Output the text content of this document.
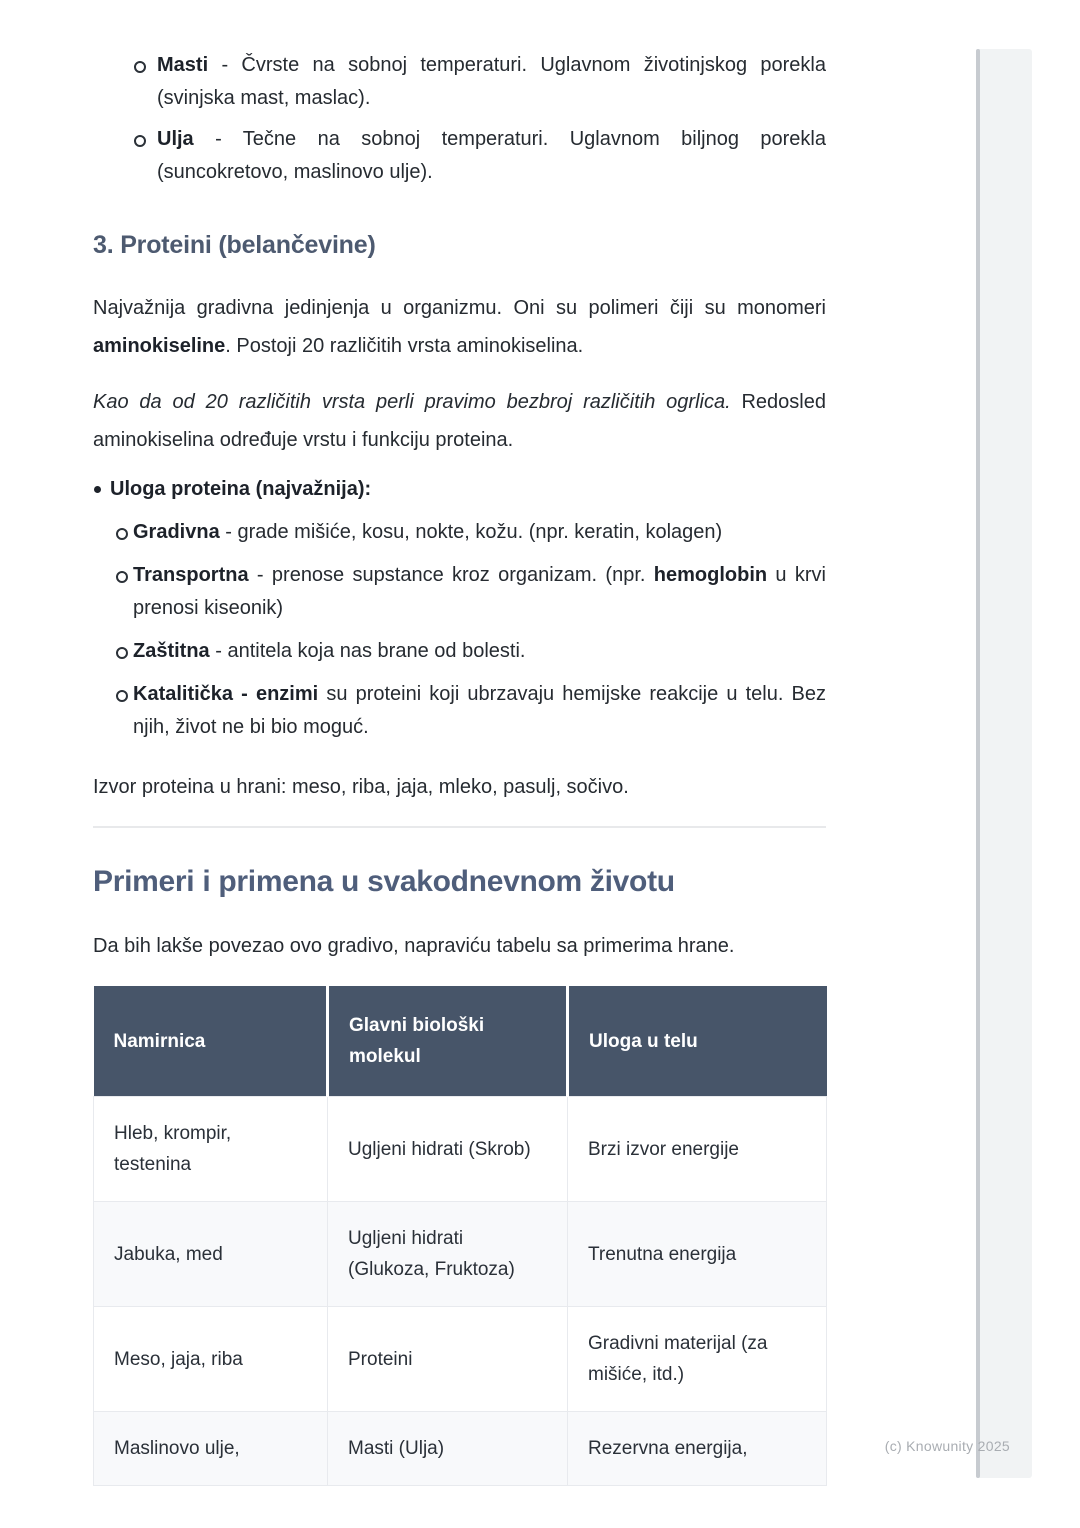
Masti - Čvrste na sobnoj temperaturi. Uglavnom životinjskog porekla (svinjska mast, maslac).
Ulja - Tečne na sobnoj temperaturi. Uglavnom biljnog porekla (suncokretovo, maslinovo ulje).
3. Proteini (belančevine)

Najvažnija gradivna jedinjenja u organizmu. Oni su polimeri čiji su monomeri aminokiseline. Postoji 20 različitih vrsta aminokiselina.

Kao da od 20 različitih vrsta perli pravimo bezbroj različitih ogrlica. Redosled aminokiselina određuje vrstu i funkciju proteina.

Uloga proteina (najvažnija):
Gradivna - grade mišiće, kosu, nokte, kožu. (npr. keratin, kolagen)
Transportna - prenose supstance kroz organizam. (npr. hemoglobin u krvi prenosi kiseonik)
Zaštitna - antitela koja nas brane od bolesti.
Katalitička - enzimi su proteini koji ubrzavaju hemijske reakcije u telu. Bez njih, život ne bi bio moguć.

Izvor proteina u hrani: meso, riba, jaja, mleko, pasulj, sočivo.

Primeri i primena u svakodnevnom životu

Da bih lakše povezao ovo gradivo, napraviću tabelu sa primerima hrane.

Namirnica	Glavni biološki molekul	Uloga u telu
Hleb, krompir, testenina	Ugljeni hidrati (Skrob)	Brzi izvor energije
Jabuka, med	Ugljeni hidrati (Glukoza, Fruktoza)	Trenutna energija
Meso, jaja, riba	Proteini	Gradivni materijal (za mišiće, itd.)
Maslinovo ulje,	Masti (Ulja)	Rezervna energija,	(c) Knowunity 2025
